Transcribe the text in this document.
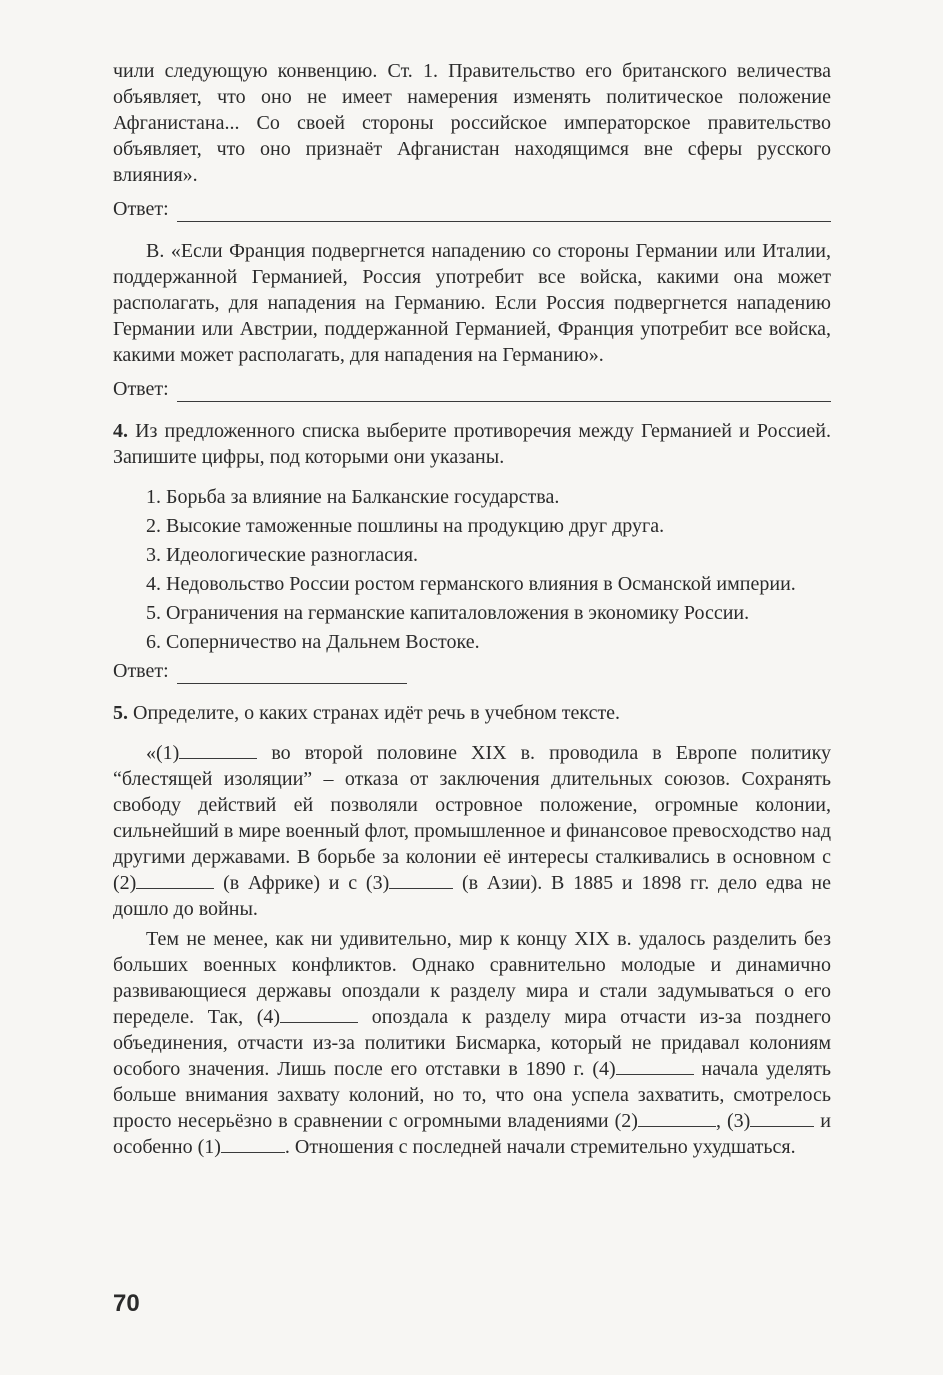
чили следующую конвенцию. Ст. 1. Правительство его британского величества объявляет, что оно не имеет намерения изменять политическое положение Афганистана... Со своей стороны российское императорское правительство объявляет, что оно признаёт Афганистан находящимся вне сферы русского влияния».

Ответ:

В. «Если Франция подвергнется нападению со стороны Германии или Италии, поддержанной Германией, Россия употребит все войска, какими она может располагать, для нападения на Германию. Если Россия подвергнется нападению Германии или Австрии, поддержанной Германией, Франция употребит все войска, какими может располагать, для нападения на Германию».

Ответ:

4. Из предложенного списка выберите противоречия между Германией и Россией. Запишите цифры, под которыми они указаны.

1. Борьба за влияние на Балканские государства.
2. Высокие таможенные пошлины на продукцию друг друга.
3. Идеологические разногласия.
4. Недовольство России ростом германского влияния в Османской империи.
5. Ограничения на германские капиталовложения в экономику России.
6. Соперничество на Дальнем Востоке.
Ответ:

5. Определите, о каких странах идёт речь в учебном тексте.

«(1)	во второй половине XIX в. проводила в Европе политику “блестящей изоляции” – отказа от заключения длительных союзов. Сохранять свободу действий ей позволяли островное положение, огромные колонии, сильнейший в мире военный флот, промышленное и финансовое превосходство над другими державами. В борьбе за колонии её интересы сталкивались в основном с (2)	(в Африке) и с (3)	(в Азии). В 1885 и 1898 гг. дело едва не дошло до войны.

Тем не менее, как ни удивительно, мир к концу XIX в. удалось разделить без больших военных конфликтов. Однако сравнительно молодые и динамично развивающиеся державы опоздали к разделу мира и стали задумываться о его переделе. Так, (4)	опоздала к разделу мира отчасти из-за позднего объединения, отчасти из-за политики Бисмарка, который не придавал колониям особого значения. Лишь после его отставки в 1890 г. (4)	начала уделять больше внимания захвату колоний, но то, что она успела захватить, смотрелось просто несерьёзно в сравнении с огромными владениями (2)	, (3)	и особенно (1)	. Отношения с последней начали стремительно ухудшаться.

70
